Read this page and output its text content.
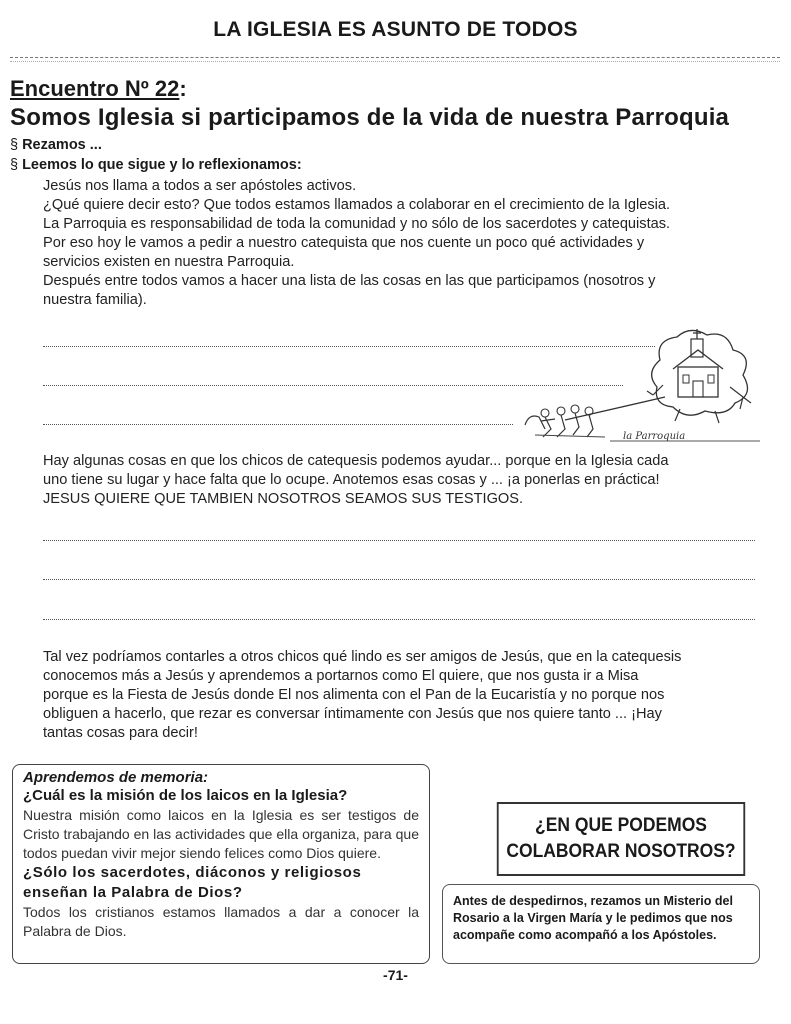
LA IGLESIA ES ASUNTO DE TODOS
Encuentro Nº 22:
Somos Iglesia si participamos de la vida de nuestra Parroquia
§ Rezamos ...
§ Leemos lo que sigue y lo reflexionamos:

Jesús nos llama a todos a ser apóstoles activos.

¿Qué quiere decir esto? Que todos estamos llamados a colaborar en el crecimiento de la Iglesia.

La Parroquia es responsabilidad de toda la comunidad y no sólo de los sacerdotes y catequistas.

Por eso hoy le vamos a pedir a nuestro catequista que nos cuente un poco qué actividades y

servicios existen en nuestra Parroquia.

Después entre todos vamos a hacer una lista de las cosas en las que participamos (nosotros y

nuestra familia).

la Parroquia

Hay algunas cosas en que los chicos de catequesis podemos ayudar... porque en la Iglesia cada

uno tiene su lugar y hace falta que lo ocupe. Anotemos esas cosas y ... ¡a ponerlas en práctica!

JESUS QUIERE QUE TAMBIEN NOSOTROS SEAMOS SUS TESTIGOS.

Tal vez podríamos contarles a otros chicos qué lindo es ser amigos de Jesús, que en la catequesis

conocemos más a Jesús y aprendemos a portarnos como El quiere, que nos gusta ir a Misa

porque es la Fiesta de Jesús donde El nos alimenta con el Pan de la Eucaristía y no porque nos

obliguen a hacerlo, que rezar es conversar íntimamente con Jesús que nos quiere tanto ... ¡Hay

tantas cosas para decir!

Aprendemos de memoria:
¿Cuál es la misión de los laicos en la Iglesia?
Nuestra misión como laicos en la Iglesia es ser testigos de Cristo trabajando en las actividades que ella organiza, para que todos puedan vivir mejor siendo felices como Dios quiere.
¿Sólo los sacerdotes, diáconos y religiosos enseñan la Palabra de Dios?
Todos los cristianos estamos llamados a dar a conocer la Palabra de Dios.
¿EN QUE PODEMOS
COLABORAR NOSOTROS?
Antes de despedirnos, rezamos un Misterio del Rosario a la Virgen María y le pedimos que nos acompañe como acompañó a los Apóstoles.
-71-
